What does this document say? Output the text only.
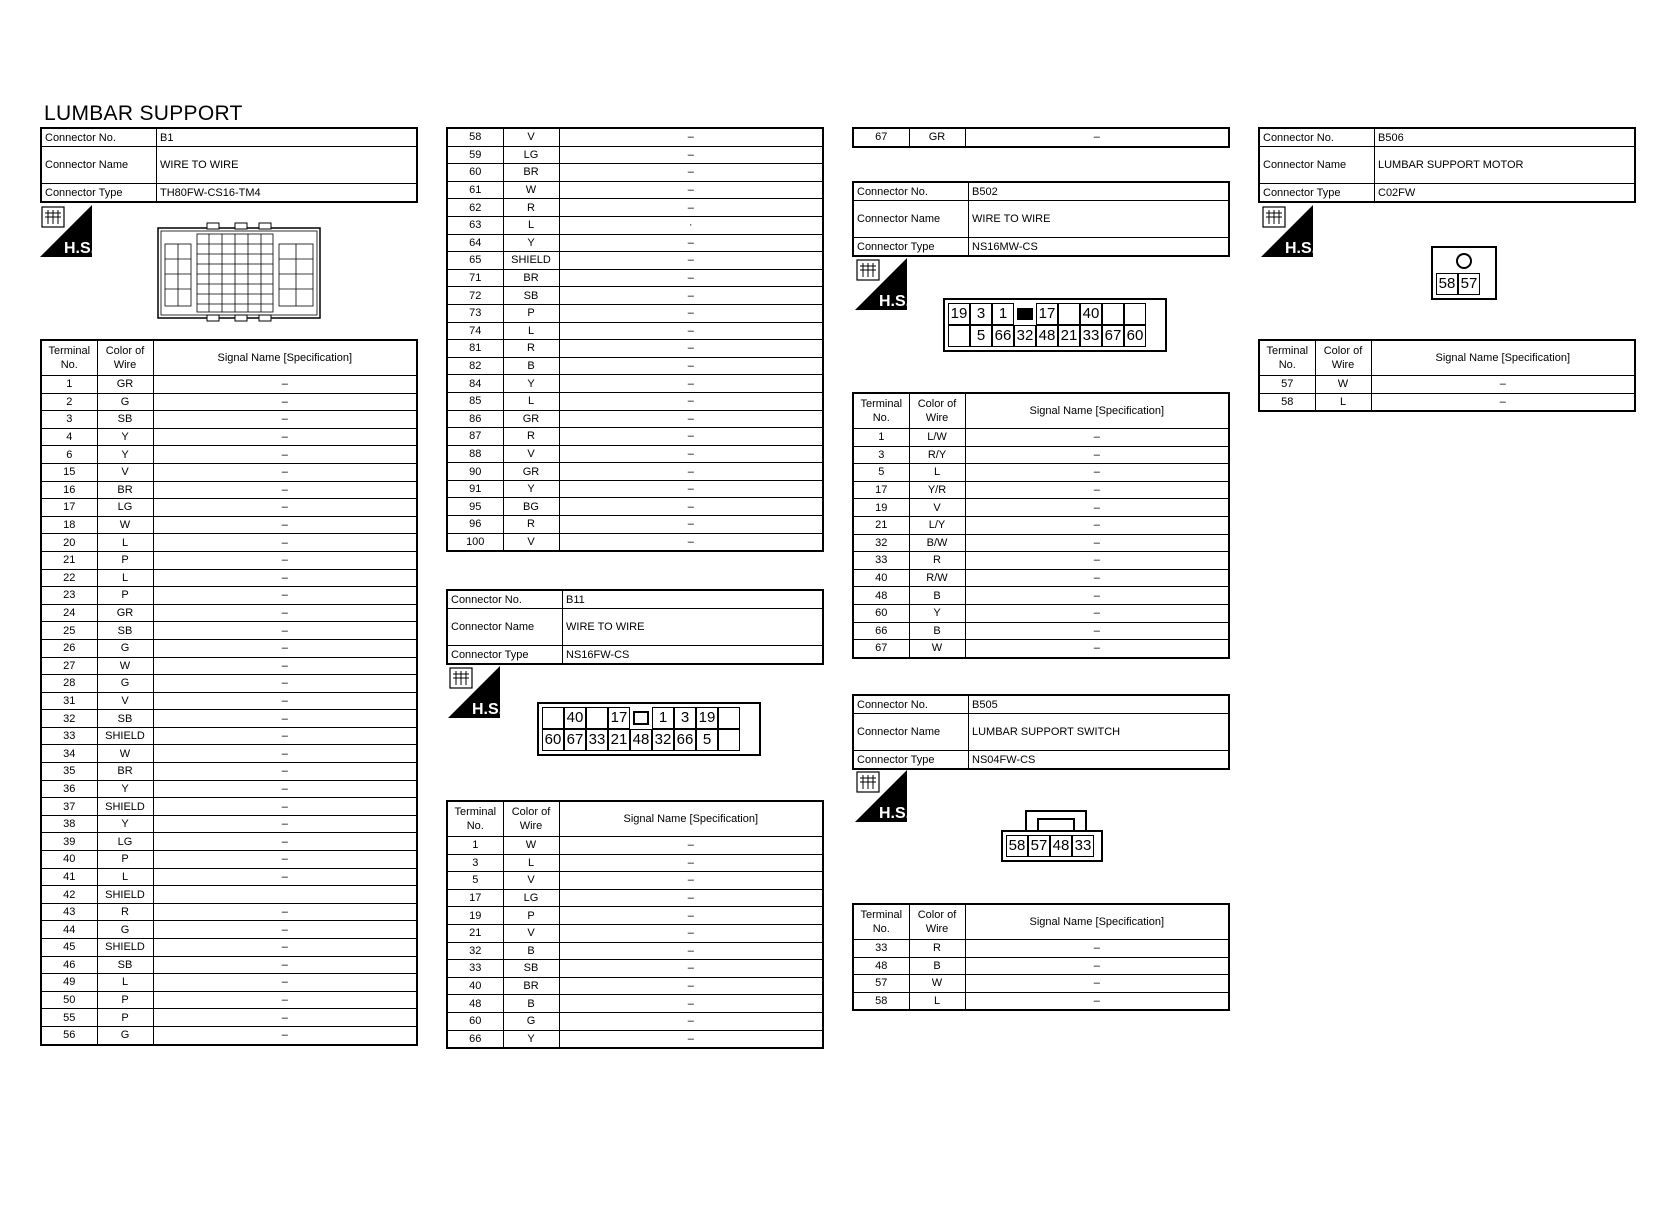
LUMBAR SUPPORT
Connector No.	B1
Connector Name	WIRE TO WIRE
Connector Type	TH80FW-CS16-TM4
H.S.
Terminal No.	Color of Wire	Signal Name [Specification]
1	GR	–
2	G	–
3	SB	–
4	Y	–
6	Y	–
15	V	–
16	BR	–
17	LG	–
18	W	–
20	L	–
21	P	–
22	L	–
23	P	–
24	GR	–
25	SB	–
26	G	–
27	W	–
28	G	–
31	V	–
32	SB	–
33	SHIELD	–
34	W	–
35	BR	–
36	Y	–
37	SHIELD	–
38	Y	–
39	LG	–
40	P	–
41	L	–
42	SHIELD	
43	R	–
44	G	–
45	SHIELD	–
46	SB	–
49	L	–
50	P	–
55	P	–
56	G	–
58	V	–
59	LG	–
60	BR	–
61	W	–
62	R	–
63	L	·
64	Y	–
65	SHIELD	–
71	BR	–
72	SB	–
73	P	–
74	L	–
81	R	–
82	B	–
84	Y	–
85	L	–
86	GR	–
87	R	–
88	V	–
90	GR	–
91	Y	–
95	BG	–
96	R	–
100	V	–
Connector No.	B11
Connector Name	WIRE TO WIRE
Connector Type	NS16FW-CS
H.S.	40 17	1 3 19
60 67 33 21 48 32 66 5
Terminal No.	Color of Wire	Signal Name [Specification]
1	W	–
3	L	–
5	V	–
17	LG	–
19	P	–
21	V	–
32	B	–
33	SB	–
40	BR	–
48	B	–
60	G	–
66	Y	–
67	GR	–
Connector No.	B502
Connector Name	WIRE TO WIRE
Connector Type	NS16MW-CS
H.S.
19 3 1	17 40
5 66 32 48 21 33 67 60
Terminal No.	Color of Wire	Signal Name [Specification]
1	L/W	–
3	R/Y	–
5	L	–
17	Y/R	–
19	V	–
21	L/Y	–
32	B/W	–
33	R	–
40	R/W	–
48	B	–
60	Y	–
66	B	–
67	W	–
Connector No.	B505
Connector Name	LUMBAR SUPPORT SWITCH
Connector Type	NS04FW-CS
H.S.
58 57 48 33
Terminal No.	Color of Wire	Signal Name [Specification]
33	R	–
48	B	–
57	W	–
58	L	–
Connector No.	B506
Connector Name	LUMBAR SUPPORT MOTOR
Connector Type	C02FW
H.S.
58 57
Terminal No.	Color of Wire	Signal Name [Specification]
57	W	–
58	L	–
